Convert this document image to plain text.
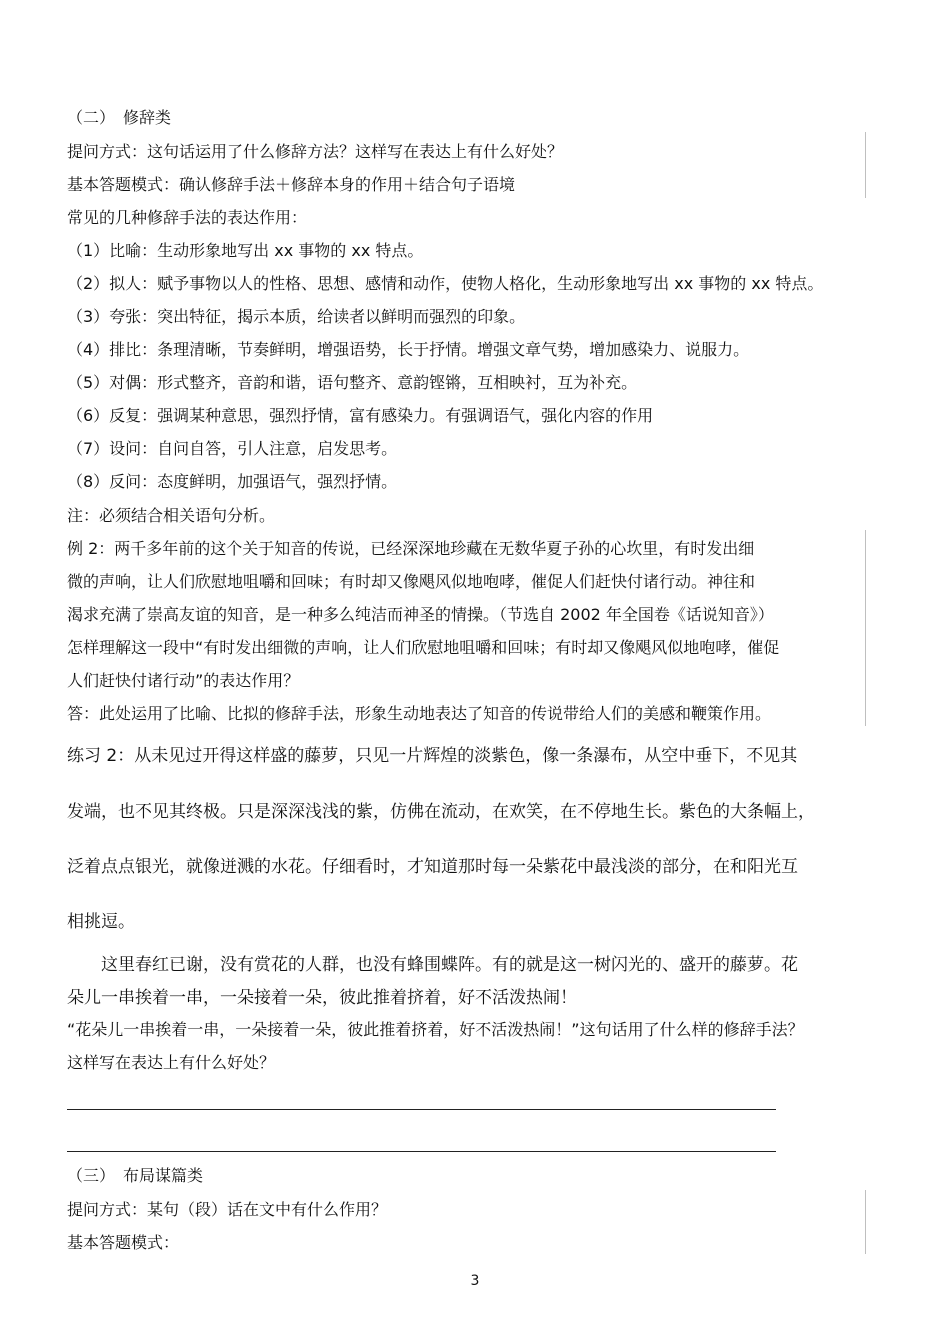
（二）　修辞类
提问方式：这句话运用了什么修辞方法？这样写在表达上有什么好处？
基本答题模式：确认修辞手法＋修辞本身的作用＋结合句子语境
常见的几种修辞手法的表达作用：
（1）比喻：生动形象地写出 xx 事物的 xx 特点。
（2）拟人：赋予事物以人的性格、思想、感情和动作，使物人格化，生动形象地写出 xx 事物的 xx 特点。
（3）夸张：突出特征，揭示本质，给读者以鲜明而强烈的印象。
（4）排比：条理清晰，节奏鲜明，增强语势，长于抒情。增强文章气势，增加感染力、说服力。
（5）对偶：形式整齐，音韵和谐，语句整齐、意韵铿锵，互相映衬，互为补充。
（6）反复：强调某种意思，强烈抒情，富有感染力。有强调语气，强化内容的作用
（7）设问：自问自答，引人注意，启发思考。
（8）反问：态度鲜明，加强语气，强烈抒情。
注：必须结合相关语句分析。
例 2：两千多年前的这个关于知音的传说，已经深深地珍藏在无数华夏子孙的心坎里，有时发出细
微的声响，让人们欣慰地咀嚼和回味；有时却又像飓风似地咆哮，催促人们赶快付诸行动。神往和
渴求充满了崇高友谊的知音，是一种多么纯洁而神圣的情操。（节选自 2002 年全国卷《话说知音》）
怎样理解这一段中“有时发出细微的声响，让人们欣慰地咀嚼和回味；有时却又像飓风似地咆哮，催促
人们赶快付诸行动”的表达作用？
答：此处运用了比喻、比拟的修辞手法，形象生动地表达了知音的传说带给人们的美感和鞭策作用。
练习 2：从未见过开得这样盛的藤萝，只见一片辉煌的淡紫色，像一条瀑布，从空中垂下，不见其
发端，也不见其终极。只是深深浅浅的紫，仿佛在流动，在欢笑，在不停地生长。紫色的大条幅上，
泛着点点银光，就像迸溅的水花。仔细看时，才知道那时每一朵紫花中最浅淡的部分，在和阳光互
相挑逗。
　　这里春红已谢，没有赏花的人群，也没有蜂围蝶阵。有的就是这一树闪光的、盛开的藤萝。花
朵儿一串挨着一串，一朵接着一朵，彼此推着挤着，好不活泼热闹！
“花朵儿一串挨着一串，一朵接着一朵，彼此推着挤着，好不活泼热闹！”这句话用了什么样的修辞手法？
这样写在表达上有什么好处？
（三）　布局谋篇类
提问方式：某句（段）话在文中有什么作用？
基本答题模式：
3
